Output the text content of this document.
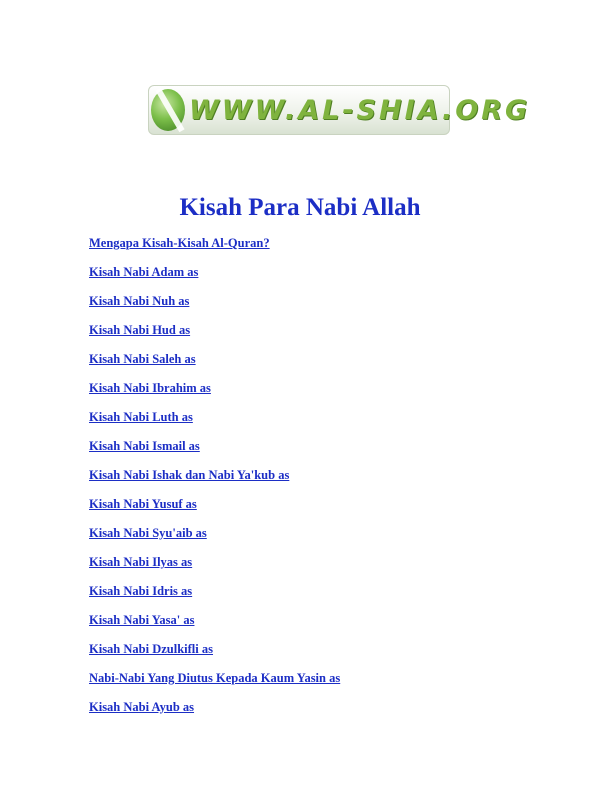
WWW.AL-SHIA.ORG
Kisah Para Nabi Allah
Mengapa Kisah-Kisah Al-Quran?
Kisah Nabi Adam as
Kisah Nabi Nuh as
Kisah Nabi Hud as
Kisah Nabi Saleh as
Kisah Nabi Ibrahim as
Kisah Nabi Luth as
Kisah Nabi Ismail as
Kisah Nabi Ishak dan Nabi Ya'kub as
Kisah Nabi Yusuf as
Kisah Nabi Syu'aib as
Kisah Nabi Ilyas as
Kisah Nabi Idris as
Kisah Nabi Yasa' as
Kisah Nabi Dzulkifli as
Nabi-Nabi Yang Diutus Kepada Kaum Yasin as
Kisah Nabi Ayub as
